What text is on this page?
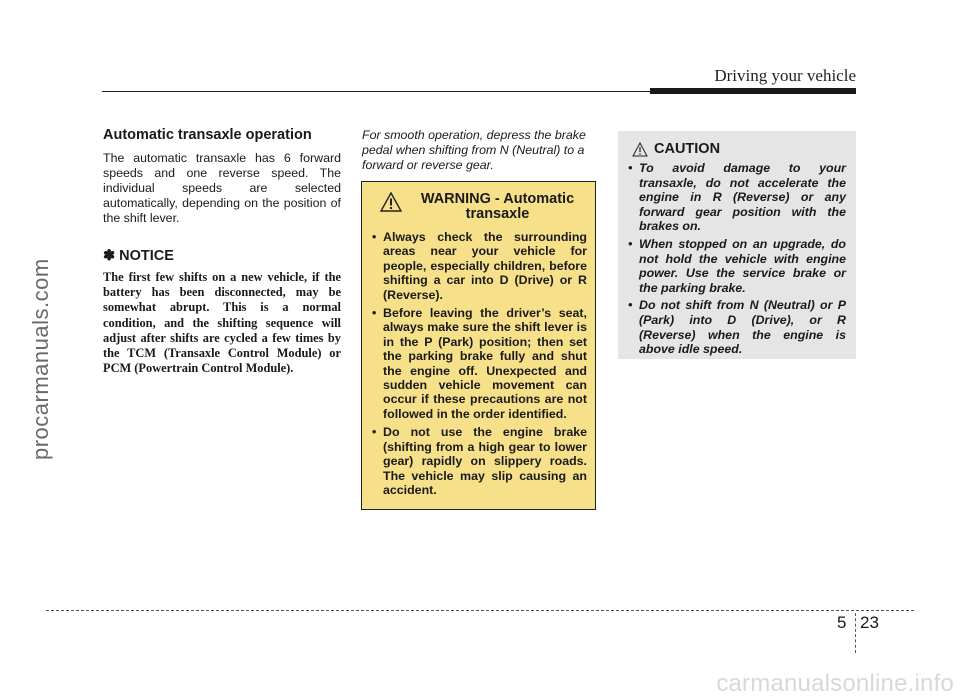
Driving your vehicle
procarmanuals.com

Automatic transaxle operation

The automatic transaxle has 6 forward speeds and one reverse speed. The individual speeds are selected automatically, depending on the position of the shift lever.

✽ NOTICE

The first few shifts on a new vehicle, if the battery has been disconnected, may be somewhat abrupt. This is a normal condition, and the shifting sequence will adjust after shifts are cycled a few times by the TCM (Transaxle Control Module) or PCM (Powertrain Control Module).

For smooth operation, depress the brake pedal when shifting from N (Neutral) to a forward or reverse gear.

WARNING - Automatic
transaxle
• Always check the surrounding areas near your vehicle for people, especially children, before shifting a car into D (Drive) or R (Reverse).
• Before leaving the driver’s seat, always make sure the shift lever is in the P (Park) position; then set the parking brake fully and shut the engine off. Unexpected and sudden vehicle movement can occur if these precautions are not followed in the order identified.
• Do not use the engine brake (shifting from a high gear to lower gear) rapidly on slippery roads. The vehicle may slip causing an accident.
CAUTION
• To avoid damage to your transaxle, do not accelerate the engine in R (Reverse) or any forward gear position with the brakes on.
• When stopped on an upgrade, do not hold the vehicle with engine power. Use the service brake or the parking brake.
• Do not shift from N (Neutral) or P (Park) into D (Drive), or R (Reverse) when the engine is above idle speed.
5 23
carmanualsonline.info
